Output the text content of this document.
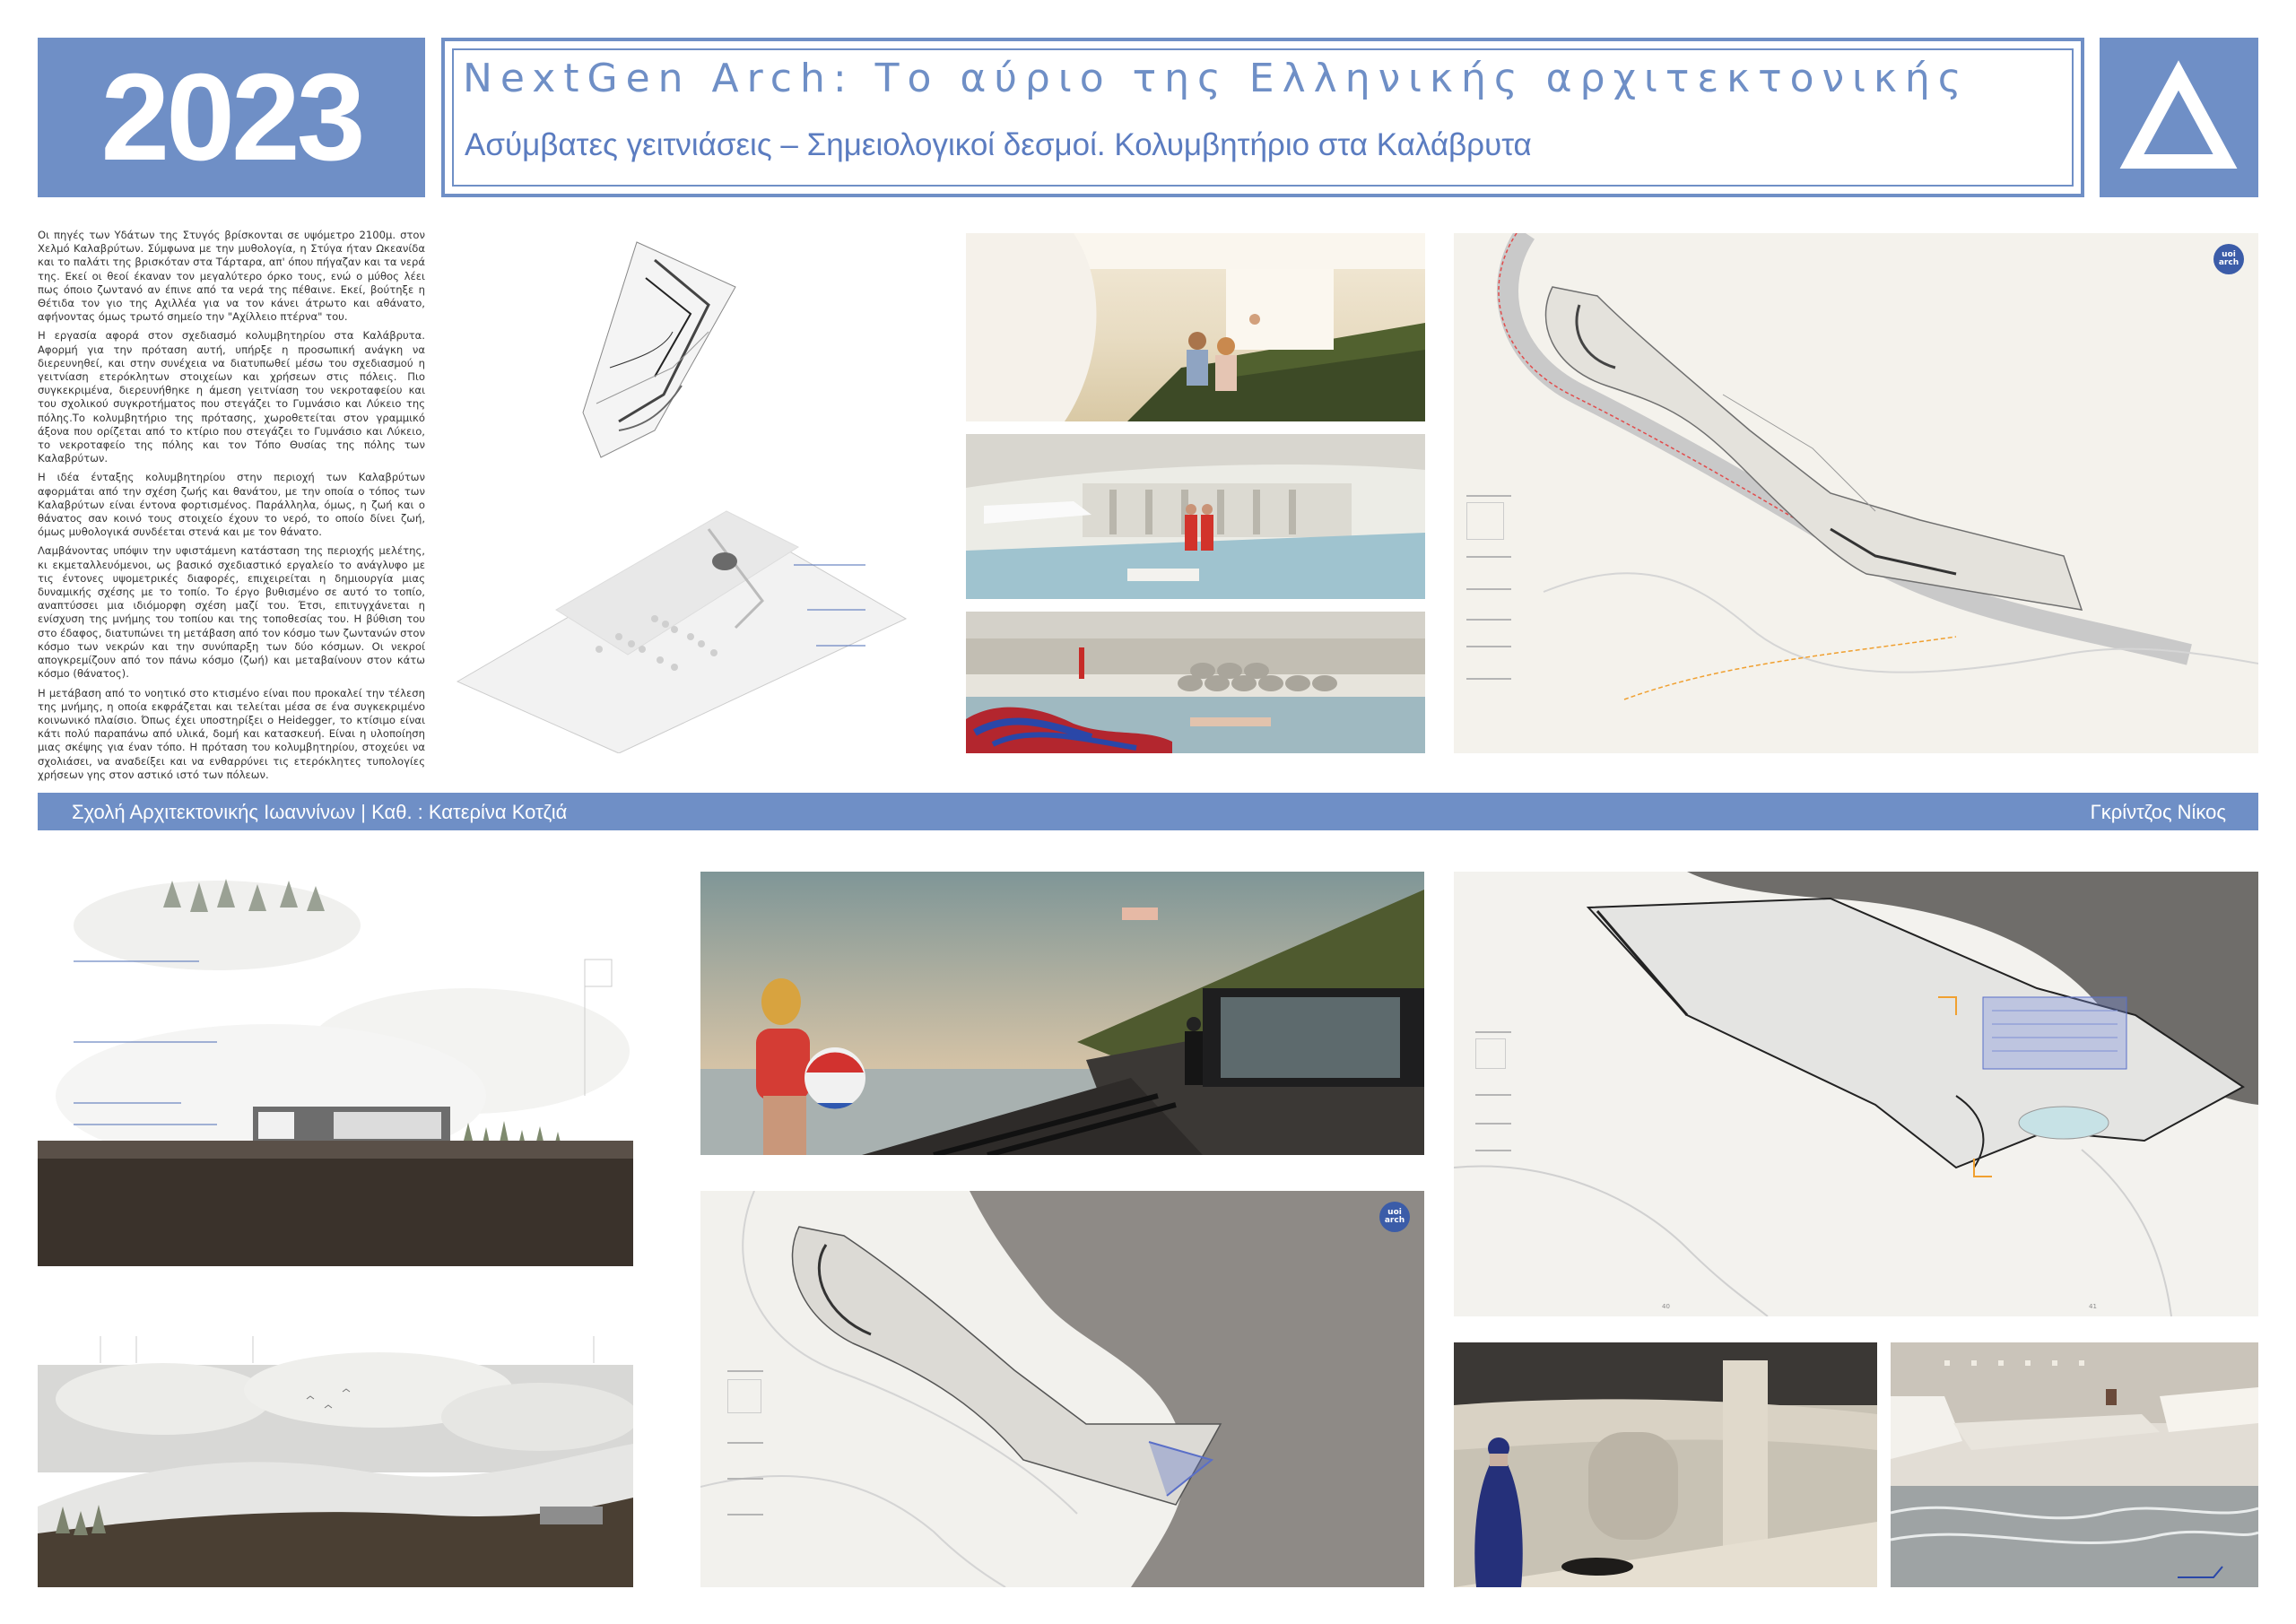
2023	NextGen Arch: Το αύριο της Ελληνικής αρχιτεκτονικής
Ασύμβατες γειτνιάσεις – Σημειολογικοί δεσμοί. Κολυμβητήριο στα Καλάβρυτα

Οι πηγές των Υδάτων της Στυγός βρίσκονται σε υψόμετρο 2100μ. στον Χελμό Καλαβρύτων. Σύμφωνα με την μυθολογία, η Στύγα ήταν Ωκεανίδα και το παλάτι της βρισκόταν στα Τάρταρα, απ' όπου πήγαζαν και τα νερά της. Εκεί οι θεοί έκαναν τον μεγαλύτερο όρκο τους, ενώ ο μύθος λέει πως όποιο ζωντανό αν έπινε από τα νερά της πέθαινε. Εκεί, βούτηξε η Θέτιδα τον γιο της Αχιλλέα για να τον κάνει άτρωτο και αθάνατο, αφήνοντας όμως τρωτό σημείο την "Αχίλλειο πτέρνα" του.

Η εργασία αφορά στον σχεδιασμό κολυμβητηρίου στα Καλάβρυτα. Αφορμή για την πρόταση αυτή, υπήρξε η προσωπική ανάγκη να διερευνηθεί, και στην συνέχεια να διατυπωθεί μέσω του σχεδιασμού η γειτνίαση ετερόκλητων στοιχείων και χρήσεων στις πόλεις. Πιο συγκεκριμένα, διερευνήθηκε η άμεση γειτνίαση του νεκροταφείου και του σχολικού συγκροτήματος που στεγάζει το Γυμνάσιο και Λύκειο της πόλης.Το κολυμβητήριο της πρότασης, χωροθετείται στον γραμμικό άξονα που ορίζεται από το κτίριο που στεγάζει το Γυμνάσιο και Λύκειο, το νεκροταφείο της πόλης και τον Τόπο Θυσίας της πόλης των Καλαβρύτων.

Η ιδέα ένταξης κολυμβητηρίου στην περιοχή των Καλαβρύτων αφορμάται από την σχέση ζωής και θανάτου, με την οποία ο τόπος των Καλαβρύτων είναι έντονα φορτισμένος. Παράλληλα, όμως, η ζωή και ο θάνατος σαν κοινό τους στοιχείο έχουν το νερό, το οποίο δίνει ζωή, όμως μυθολογικά συνδέεται στενά και με τον θάνατο.

Λαμβάνοντας υπόψιν την υφιστάμενη κατάσταση της περιοχής μελέτης, κι εκμεταλλευόμενοι, ως βασικό σχεδιαστικό εργαλείο το ανάγλυφο με τις έντονες υψομετρικές διαφορές, επιχειρείται η δημιουργία μιας δυναμικής σχέσης με το τοπίο. Το έργο βυθισμένο σε αυτό το τοπίο, αναπτύσσει μια ιδιόμορφη σχέση μαζί του. Έτσι, επιτυγχάνεται η ενίσχυση της μνήμης του τοπίου και της τοποθεσίας του. Η βύθιση του στο έδαφος, διατυπώνει τη μετάβαση από τον κόσμο των ζωντανών στον κόσμο των νεκρών και την συνύπαρξη των δύο κόσμων. Οι νεκροί απογκρεμίζουν από τον πάνω κόσμο (ζωή) και μεταβαίνουν στον κάτω κόσμο (θάνατος).

Η μετάβαση από το νοητικό στο κτισμένο είναι που προκαλεί την τέλεση της μνήμης, η οποία εκφράζεται και τελείται μέσα σε ένα συγκεκριμένο κοινωνικό πλαίσιο. Όπως έχει υποστηρίξει ο Heidegger, το κτίσιμο είναι κάτι πολύ παραπάνω από υλικά, δομή και κατασκευή. Είναι η υλοποίηση μιας σκέψης για έναν τόπο. Η πρόταση του κολυμβητηρίου, στοχεύει να σχολιάσει, να αναδείξει και να ενθαρρύνει τις ετερόκλητες τυπολογίες χρήσεων γης στον αστικό ιστό των πόλεων.

uoi arch
Σχολή Αρχιτεκτονικής Ιωαννίνων | Καθ. : Κατερίνα Κοτζιά	Γκρίντζος Νίκος
uoi arch
40	41
